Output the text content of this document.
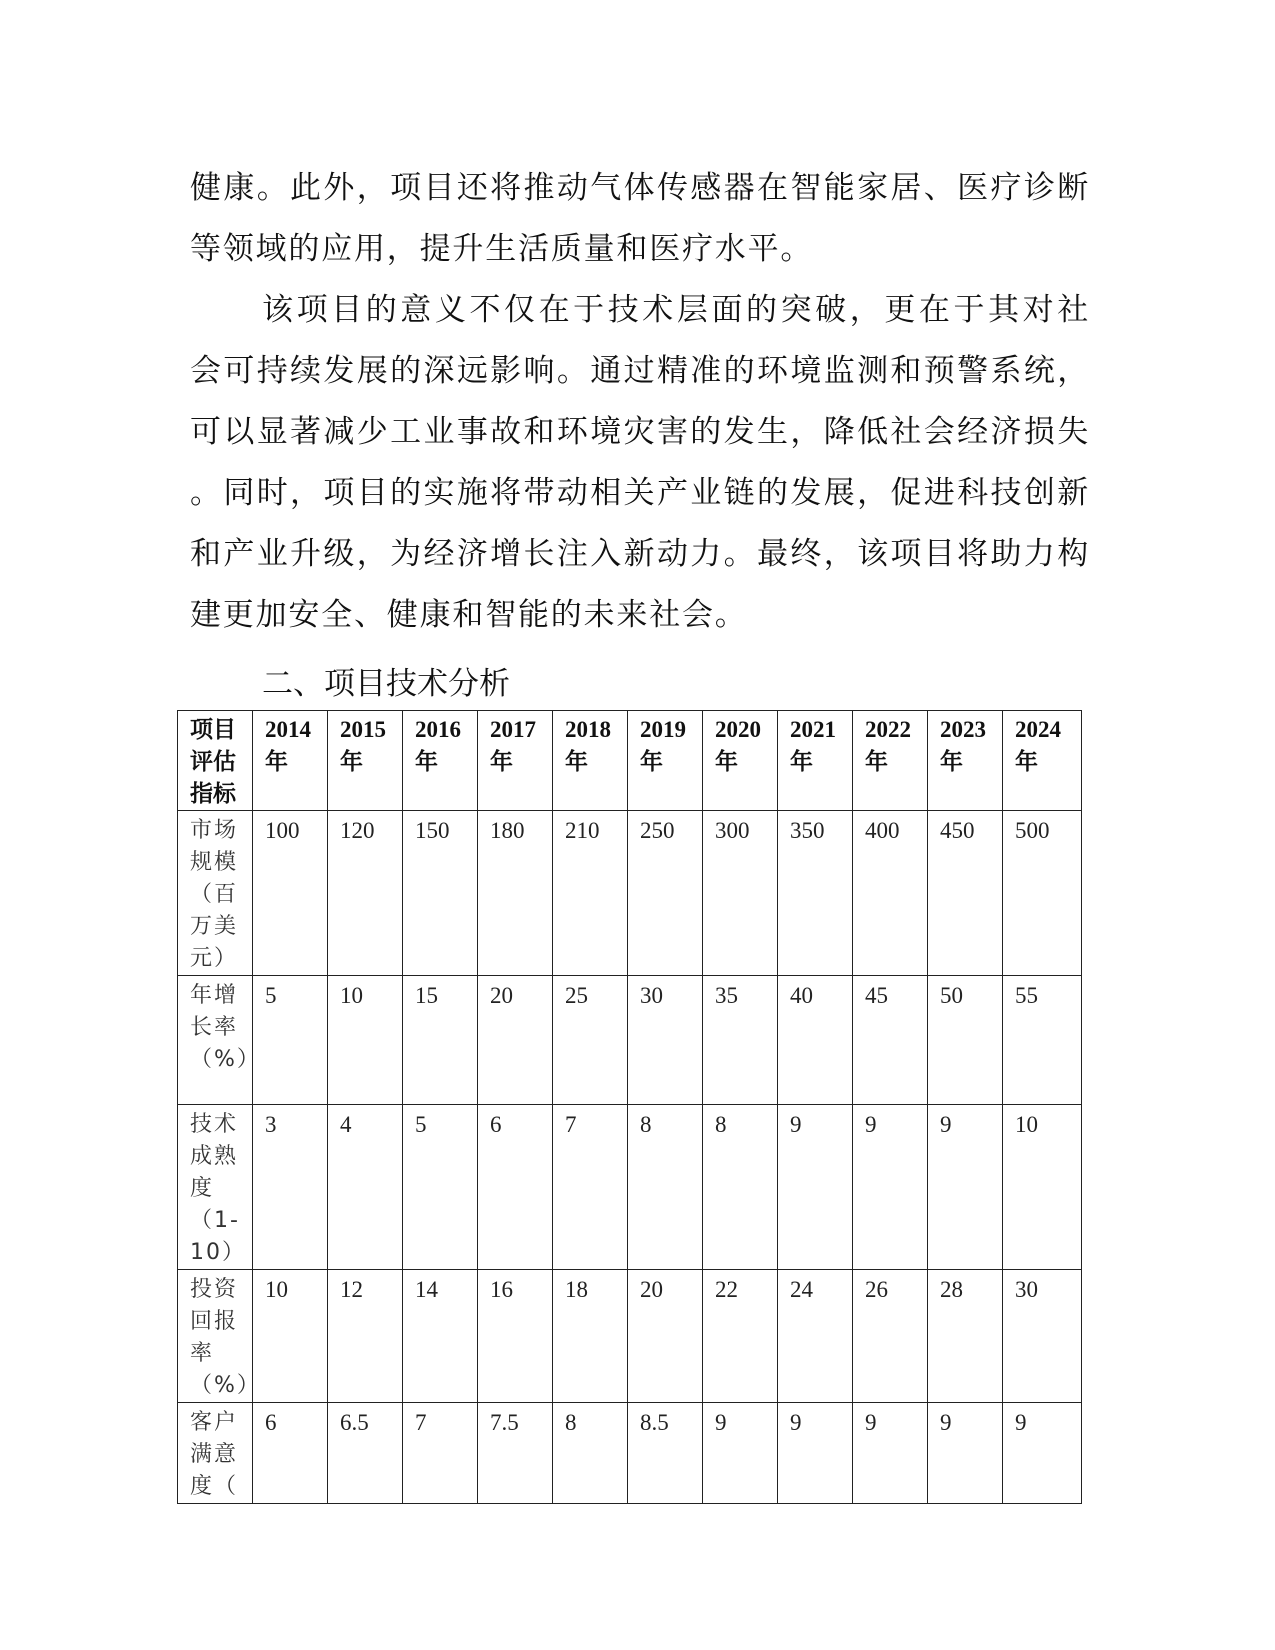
健康。此外，项目还将推动气体传感器在智能家居、医疗诊断
等领域的应用，提升生活质量和医疗水平。
该项目的意义不仅在于技术层面的突破，更在于其对社
会可持续发展的深远影响。通过精准的环境监测和预警系统，
可以显著减少工业事故和环境灾害的发生，降低社会经济损失
。同时，项目的实施将带动相关产业链的发展，促进科技创新
和产业升级，为经济增长注入新动力。最终，该项目将助力构
建更加安全、健康和智能的未来社会。
二、项目技术分析
项目评估指标	2014年	2015年	2016年	2017年	2018年	2019年	2020年	2021年	2022年	2023年	2024年
市场规模（百万美元）	100	120	150	180	210	250	300	350	400	450	500
年增长率（%）	5	10	15	20	25	30	35	40	45	50	55
技术成熟度（1-10）	3	4	5	6	7	8	8	9	9	9	10
投资回报率（%）	10	12	14	16	18	20	22	24	26	28	30
客户满意度（	6	6.5	7	7.5	8	8.5	9	9	9	9	9
